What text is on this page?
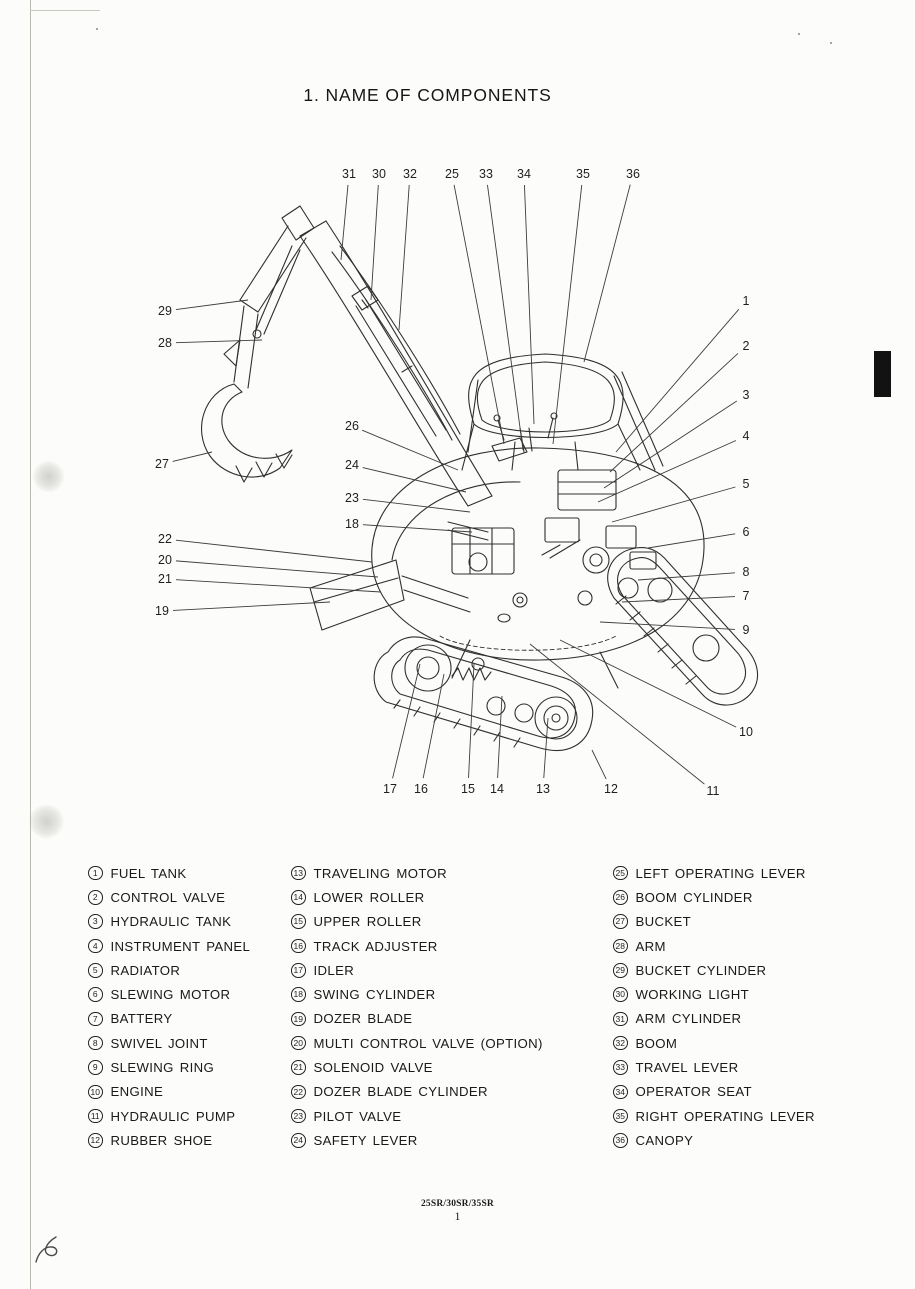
1. NAME OF COMPONENTS
31 30 32 25 33 34	35	36
29
28
27
26
24
23
18
22
20
21
19
1
2
3
4
5
6
8
7
9
10
11
12
17 16	15 14	13
1 FUEL TANK
2 CONTROL VALVE
3 HYDRAULIC TANK
4 INSTRUMENT PANEL
5 RADIATOR
6 SLEWING MOTOR
7 BATTERY
8 SWIVEL JOINT
9 SLEWING RING
10 ENGINE
11 HYDRAULIC PUMP
12 RUBBER SHOE
13 TRAVELING MOTOR
14 LOWER ROLLER
15 UPPER ROLLER
16 TRACK ADJUSTER
17 IDLER
18 SWING CYLINDER
19 DOZER BLADE
20 MULTI CONTROL VALVE (OPTION)
21 SOLENOID VALVE
22 DOZER BLADE CYLINDER
23 PILOT VALVE
24 SAFETY LEVER
25 LEFT OPERATING LEVER
26 BOOM CYLINDER
27 BUCKET
28 ARM
29 BUCKET CYLINDER
30 WORKING LIGHT
31 ARM CYLINDER
32 BOOM
33 TRAVEL LEVER
34 OPERATOR SEAT
35 RIGHT OPERATING LEVER
36 CANOPY
25SR/30SR/35SR
1
